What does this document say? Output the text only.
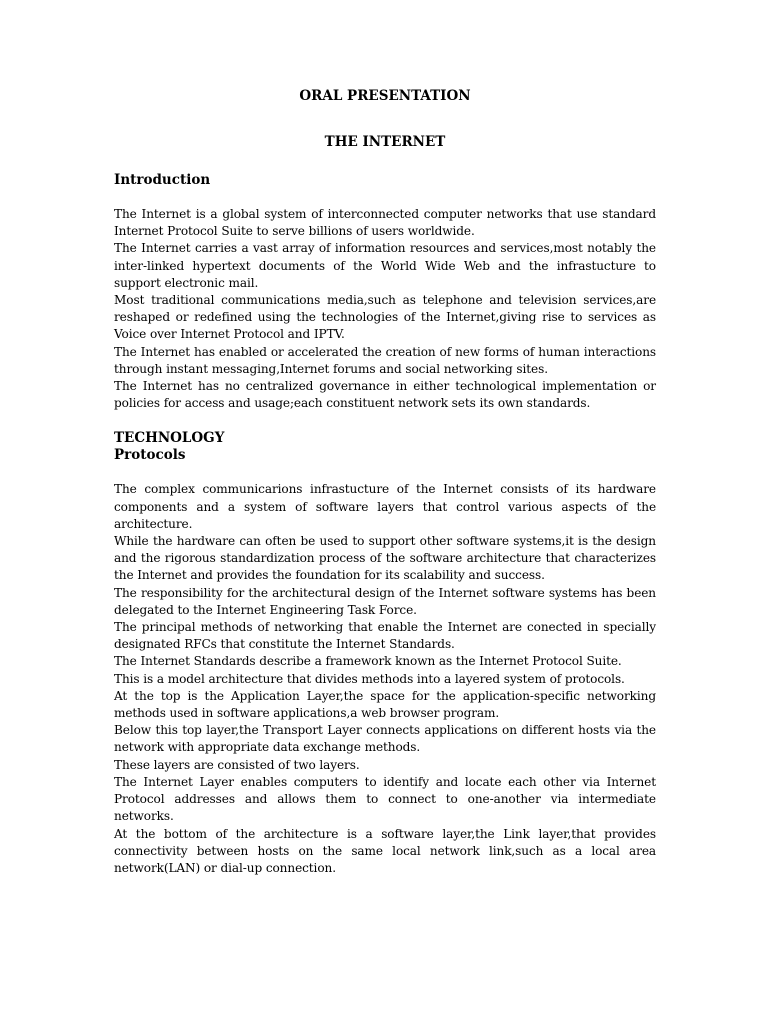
ORAL PRESENTATION
THE INTERNET
Introduction

The Internet is a global system of interconnected computer networks that use standard Internet Protocol Suite to serve billions of users worldwide.

The Internet carries a vast array of information resources and services,most notably the inter-linked hypertext documents of the World Wide Web and the infrastucture to support electronic mail.

Most traditional communications media,such as telephone and television services,are reshaped or redefined using the technologies of the Internet,giving rise to services as Voice over Internet Protocol and IPTV.

The Internet has enabled or accelerated the creation of new forms of human interactions through instant messaging,Internet forums and social networking sites.

The Internet has no centralized governance in either technological implementation or policies for access and usage;each constituent network sets its own standards.

TECHNOLOGY
Protocols

The complex communicarions infrastucture of the Internet consists of its hardware components and a system of software layers that control various aspects of the architecture.

While the hardware can often be used to support other software systems,it is the design and the rigorous standardization process of the software architecture that characterizes the Internet and provides the foundation for its scalability and success.

The responsibility for the architectural design of the Internet software systems has been delegated to the Internet Engineering Task Force.

The principal methods of networking that enable the Internet are conected in specially designated RFCs that constitute the Internet Standards.

The Internet Standards describe a framework known as the Internet Protocol Suite.

This is a model architecture that divides methods into a layered system of protocols.

At the top is the Application Layer,the space for the application-specific networking methods used in software applications,a web browser program.

Below this top layer,the Transport Layer connects applications on different hosts via the network with appropriate data exchange methods.

These layers are consisted of two layers.

The Internet Layer enables computers to identify and locate each other via Internet Protocol addresses and allows them to connect to one-another via intermediate networks.

At the bottom of the architecture is a software layer,the Link layer,that provides connectivity between hosts on the same local network link,such as a local area network(LAN) or dial-up connection.
